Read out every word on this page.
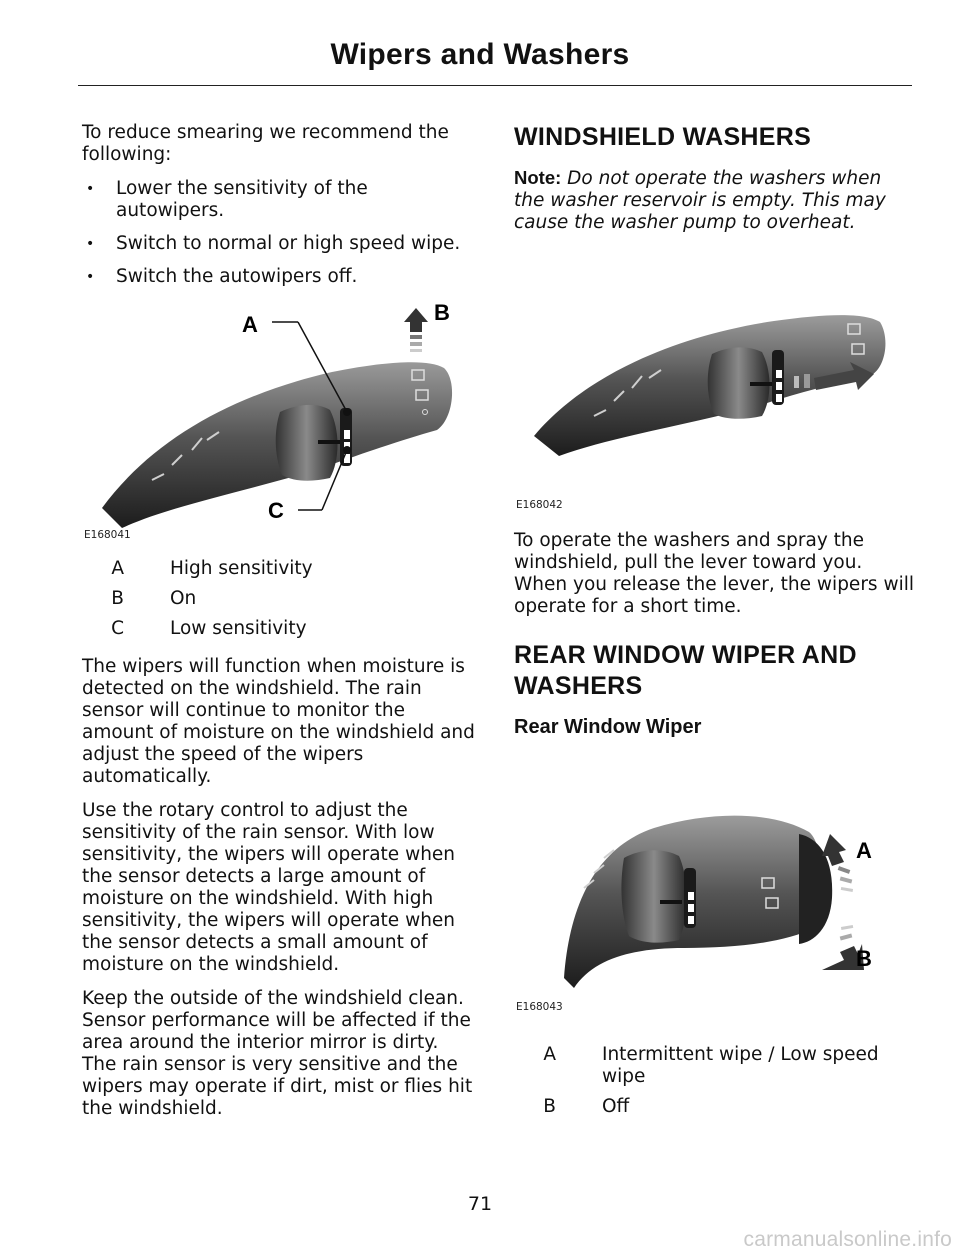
Wipers and Washers

To reduce smearing we recommend the following:

• Lower the sensitivity of the autowipers.
• Switch to normal or high speed wipe.
• Switch the autowipers off.
A	B
C
E168041
A	High sensitivity
B	On
C	Low sensitivity

The wipers will function when moisture is detected on the windshield. The rain sensor will continue to monitor the amount of moisture on the windshield and adjust the speed of the wipers automatically.

Use the rotary control to adjust the sensitivity of the rain sensor. With low sensitivity, the wipers will operate when the sensor detects a large amount of moisture on the windshield. With high sensitivity, the wipers will operate when the sensor detects a small amount of moisture on the windshield.

Keep the outside of the windshield clean. Sensor performance will be affected if the area around the interior mirror is dirty. The rain sensor is very sensitive and the wipers may operate if dirt, mist or flies hit the windshield.

WINDSHIELD WASHERS

Note: Do not operate the washers when the washer reservoir is empty. This may cause the washer pump to overheat.

E168042

To operate the washers and spray the windshield, pull the lever toward you. When you release the lever, the wipers will operate for a short time.

REAR WINDOW WIPER AND WASHERS
Rear Window Wiper
A
B
E168043
A	Intermittent wipe / Low speed wipe
B	Off
71
carmanualsonline.info
